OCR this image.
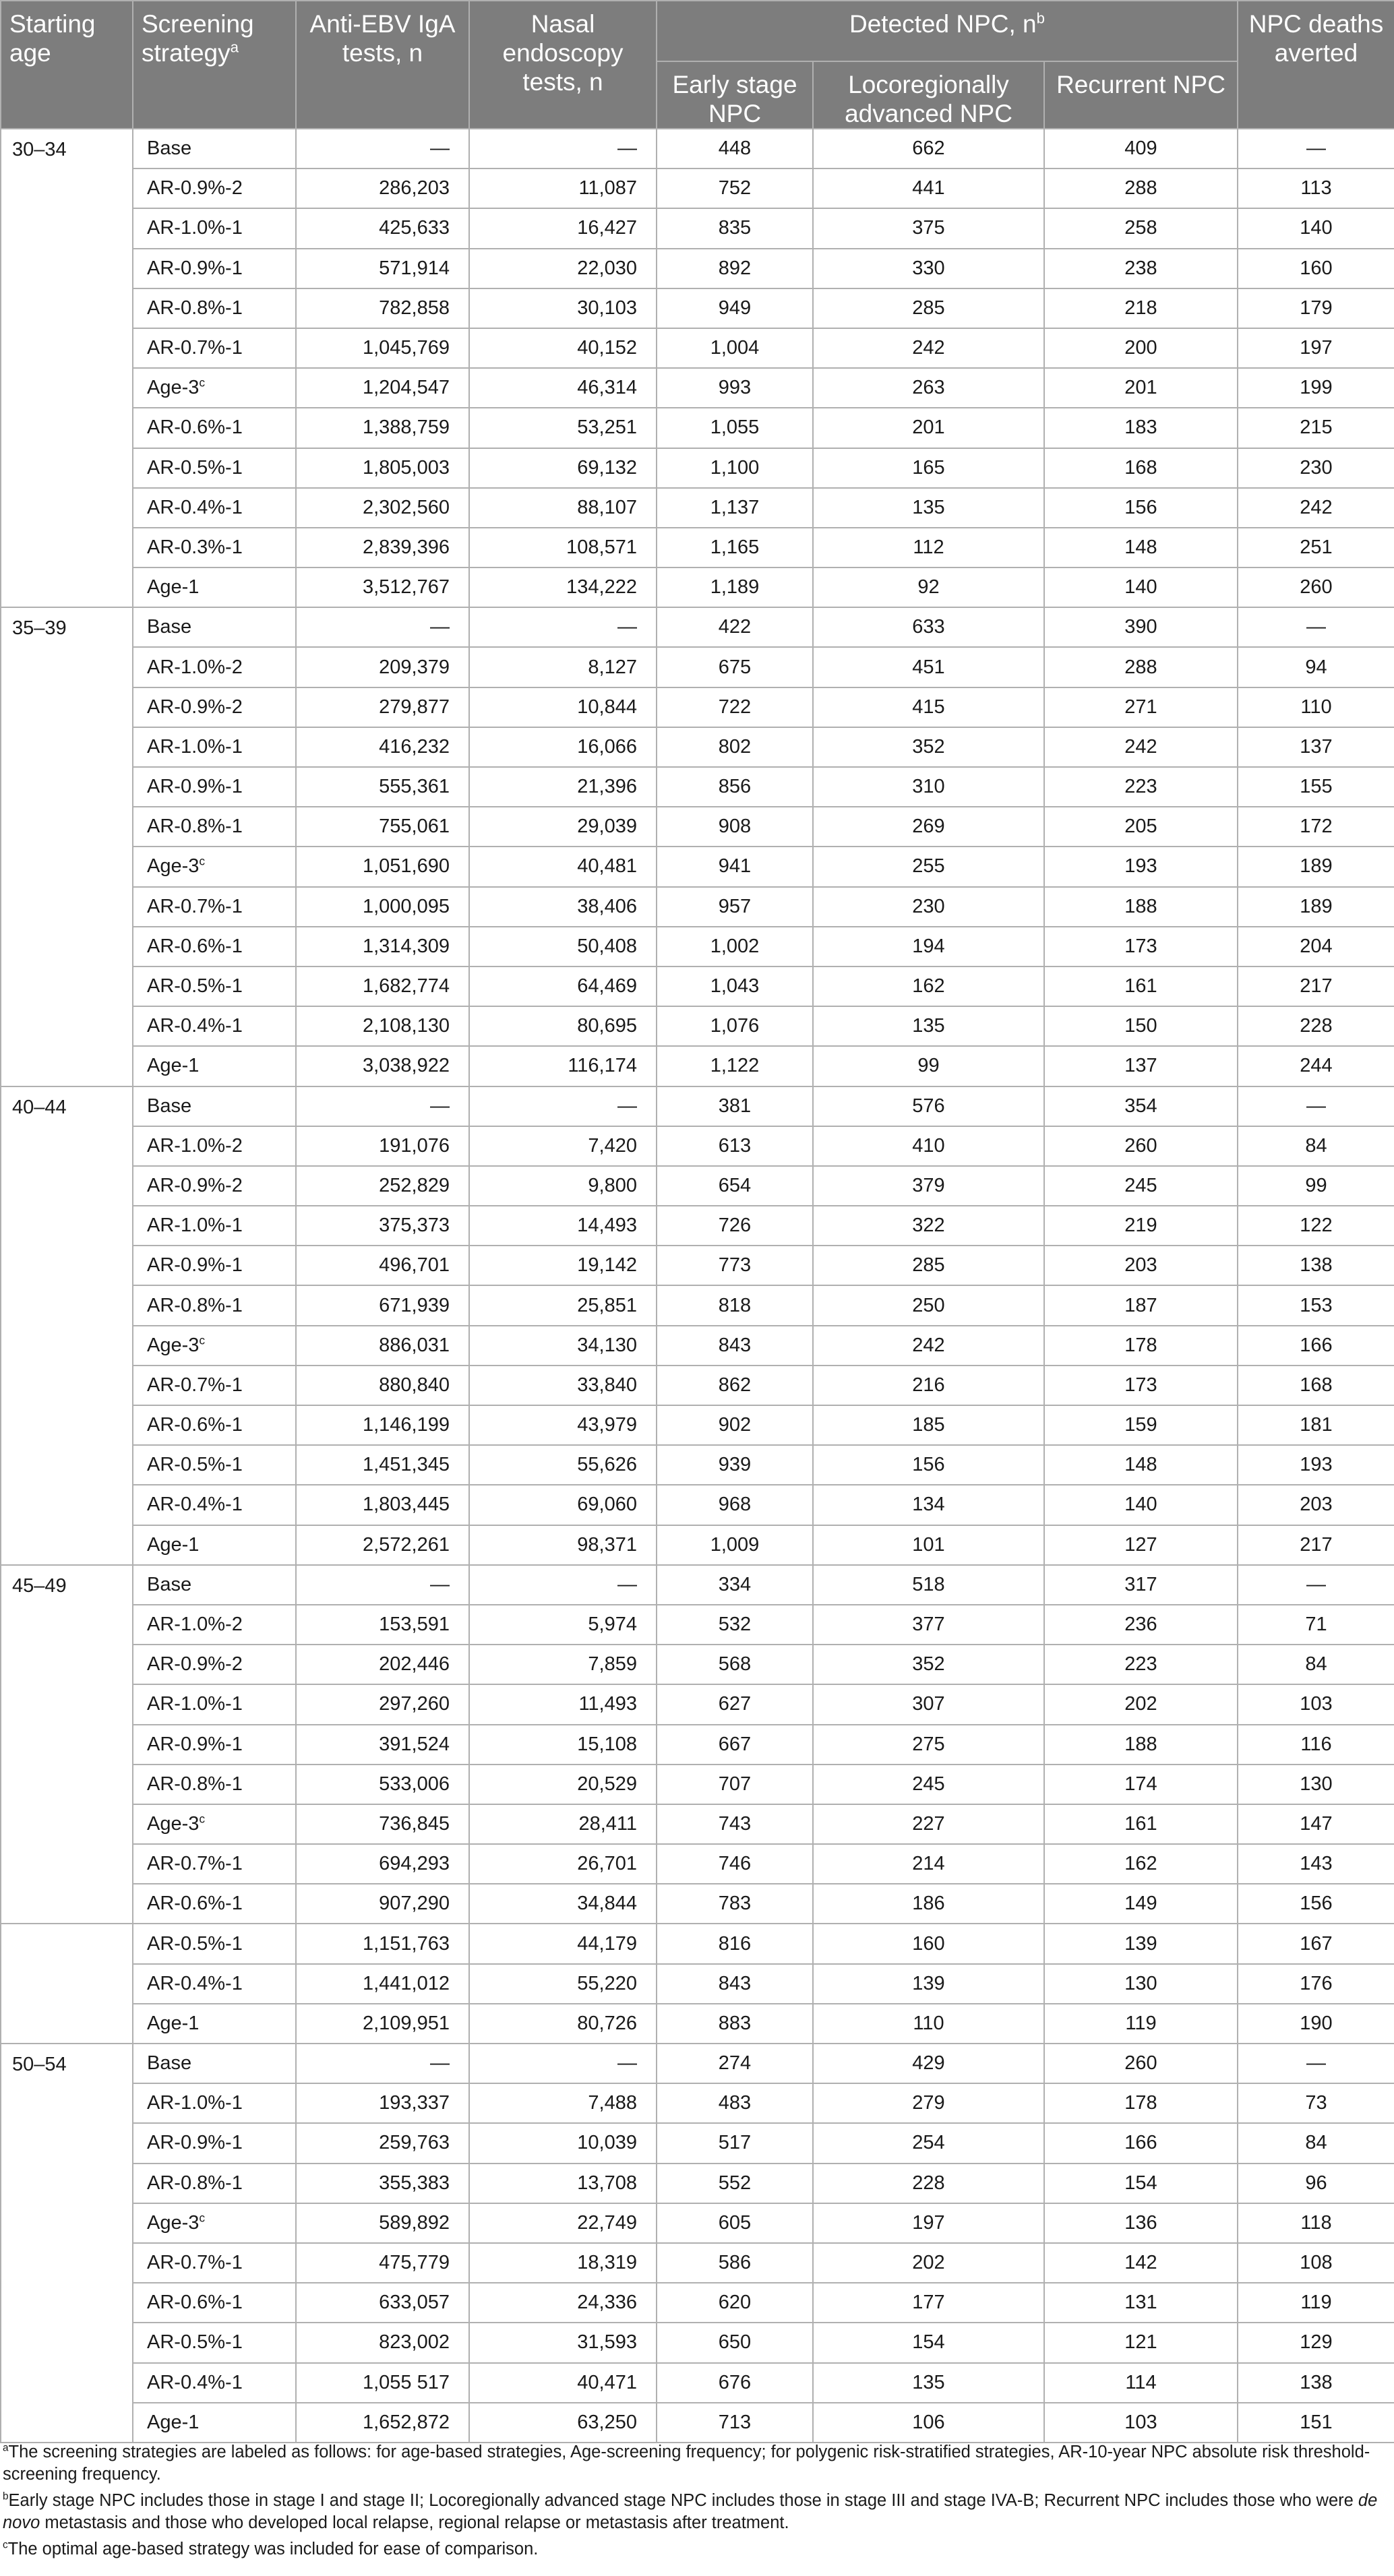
Starting age	Screening strategy$^a$	Anti-EBV IgA tests, n	Nasal endoscopy tests, n	Detected NPC, $n^b$			NPC deaths averted

				Early stage NPC	Locoregionally advanced NPC	Recurrent NPC	

30–34	Base	—	—	448	662	409	—
	AR-0.9%-2	286,203	11,087	752	441	288	113
	AR-1.0%-1	425,633	16,427	835	375	258	140
	AR-0.9%-1	571,914	22,030	892	330	238	160
	AR-0.8%-1	782,858	30,103	949	285	218	179
	AR-0.7%-1	1,045,769	40,152	1,004	242	200	197
	Age-3$^c$	1,204,547	46,314	993	263	201	199
	AR-0.6%-1	1,388,759	53,251	1,055	201	183	215
	AR-0.5%-1	1,805,003	69,132	1,100	165	168	230
	AR-0.4%-1	2,302,560	88,107	1,137	135	156	242
	AR-0.3%-1	2,839,396	108,571	1,165	112	148	251
	Age-1	3,512,767	134,222	1,189	92	140	260
35–39	Base	—	—	422	633	390	—
	AR-1.0%-2	209,379	8,127	675	451	288	94
	AR-0.9%-2	279,877	10,844	722	415	271	110
	AR-1.0%-1	416,232	16,066	802	352	242	137
	AR-0.9%-1	555,361	21,396	856	310	223	155
	AR-0.8%-1	755,061	29,039	908	269	205	172
	Age-3$^c$	1,051,690	40,481	941	255	193	189
	AR-0.7%-1	1,000,095	38,406	957	230	188	189
	AR-0.6%-1	1,314,309	50,408	1,002	194	173	204
	AR-0.5%-1	1,682,774	64,469	1,043	162	161	217
	AR-0.4%-1	2,108,130	80,695	1,076	135	150	228
	Age-1	3,038,922	116,174	1,122	99	137	244
40–44	Base	—	—	381	576	354	—
	AR-1.0%-2	191,076	7,420	613	410	260	84
	AR-0.9%-2	252,829	9,800	654	379	245	99
	AR-1.0%-1	375,373	14,493	726	322	219	122
	AR-0.9%-1	496,701	19,142	773	285	203	138
	AR-0.8%-1	671,939	25,851	818	250	187	153
	Age-3$^c$	886,031	34,130	843	242	178	166
	AR-0.7%-1	880,840	33,840	862	216	173	168
	AR-0.6%-1	1,146,199	43,979	902	185	159	181
	AR-0.5%-1	1,451,345	55,626	939	156	148	193
	AR-0.4%-1	1,803,445	69,060	968	134	140	203
	Age-1	2,572,261	98,371	1,009	101	127	217
45–49	Base	—	—	334	518	317	—
	AR-1.0%-2	153,591	5,974	532	377	236	71
	AR-0.9%-2	202,446	7,859	568	352	223	84
	AR-1.0%-1	297,260	11,493	627	307	202	103
	AR-0.9%-1	391,524	15,108	667	275	188	116
	AR-0.8%-1	533,006	20,529	707	245	174	130
	Age-3$^c$	736,845	28,411	743	227	161	147
	AR-0.7%-1	694,293	26,701	746	214	162	143
	AR-0.6%-1	907,290	34,844	783	186	149	156
	AR-0.5%-1	1,151,763	44,179	816	160	139	167
	AR-0.4%-1	1,441,012	55,220	843	139	130	176
	Age-1	2,109,951	80,726	883	110	119	190
50–54	Base	—	—	274	429	260	—
	AR-1.0%-1	193,337	7,488	483	279	178	73
	AR-0.9%-1	259,763	10,039	517	254	166	84
	AR-0.8%-1	355,383	13,708	552	228	154	96
	Age-3$^c$	589,892	22,749	605	197	136	118
	AR-0.7%-1	475,779	18,319	586	202	142	108
	AR-0.6%-1	633,057	24,336	620	177	131	119
	AR-0.5%-1	823,002	31,593	650	154	121	129
	AR-0.4%-1	1,055 517	40,471	676	135	114	138
	Age-1	1,652,872	63,250	713	106	103	151

$^a$The screening strategies are labeled as follows: for age-based strategies, Age-screening frequency; for polygenic risk-stratified strategies, AR-10-year NPC absolute risk threshold-screening frequency.

$^b$Early stage NPC includes those in stage I and stage II; Locoregionally advanced stage NPC includes those in stage III and stage IVA-B; Recurrent NPC includes those who were de novo metastasis and those who developed local relapse, regional relapse or metastasis after treatment.

$^c$The optimal age-based strategy was included for ease of comparison.
